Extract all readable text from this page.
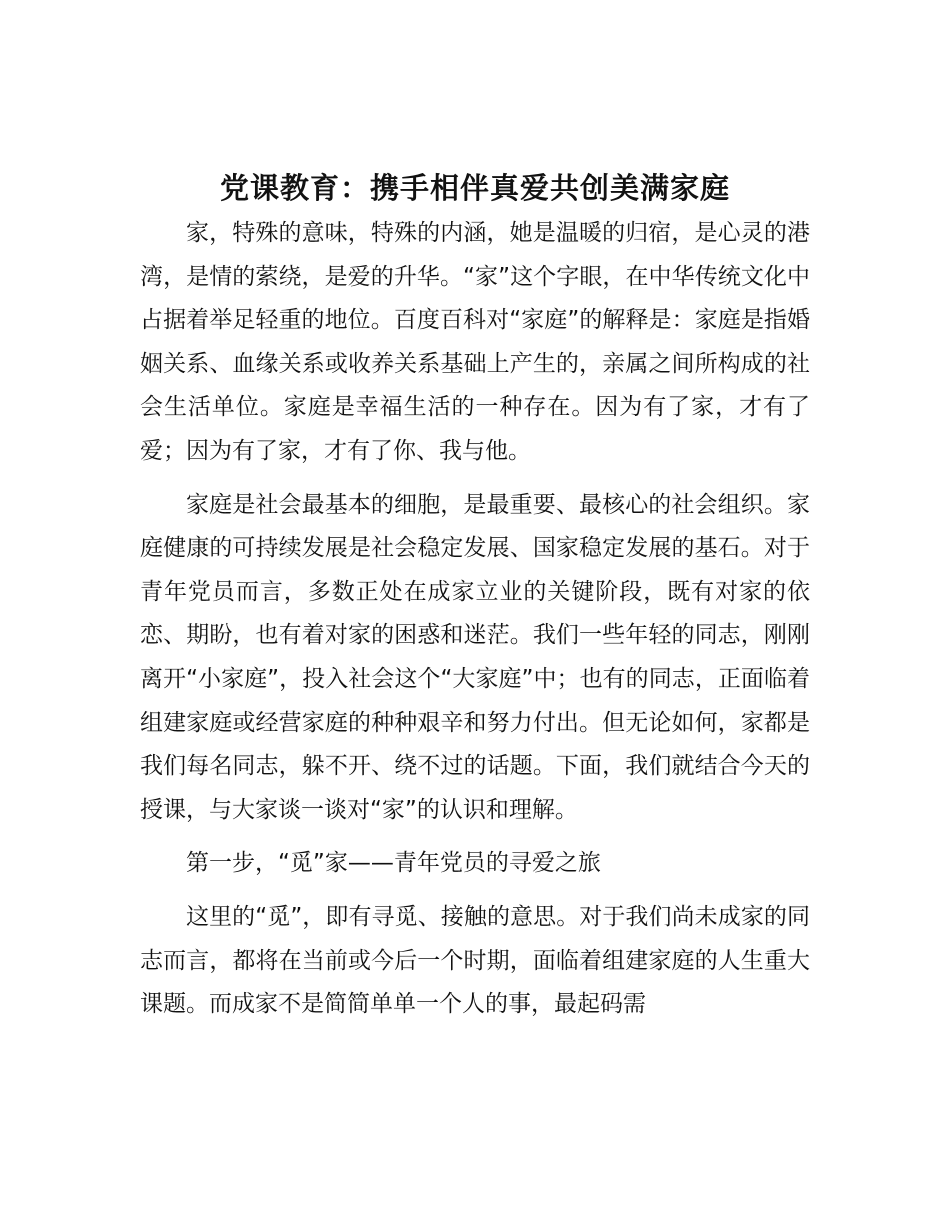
党课教育：携手相伴真爱共创美满家庭

家，特殊的意味，特殊的内涵，她是温暖的归宿，是心灵的港湾，是情的萦绕，是爱的升华。“家”这个字眼，在中华传统文化中占据着举足轻重的地位。百度百科对“家庭”的解释是：家庭是指婚姻关系、血缘关系或收养关系基础上产生的，亲属之间所构成的社会生活单位。家庭是幸福生活的一种存在。因为有了家，才有了爱；因为有了家，才有了你、我与他。

家庭是社会最基本的细胞，是最重要、最核心的社会组织。家庭健康的可持续发展是社会稳定发展、国家稳定发展的基石。对于青年党员而言，多数正处在成家立业的关键阶段，既有对家的依恋、期盼，也有着对家的困惑和迷茫。我们一些年轻的同志，刚刚离开“小家庭”，投入社会这个“大家庭”中；也有的同志，正面临着组建家庭或经营家庭的种种艰辛和努力付出。但无论如何，家都是我们每名同志，躲不开、绕不过的话题。下面，我们就结合今天的授课，与大家谈一谈对“家”的认识和理解。

第一步，“觅”家——青年党员的寻爱之旅

这里的“觅”，即有寻觅、接触的意思。对于我们尚未成家的同志而言，都将在当前或今后一个时期，面临着组建家庭的人生重大课题。而成家不是简简单单一个人的事，最起码需
